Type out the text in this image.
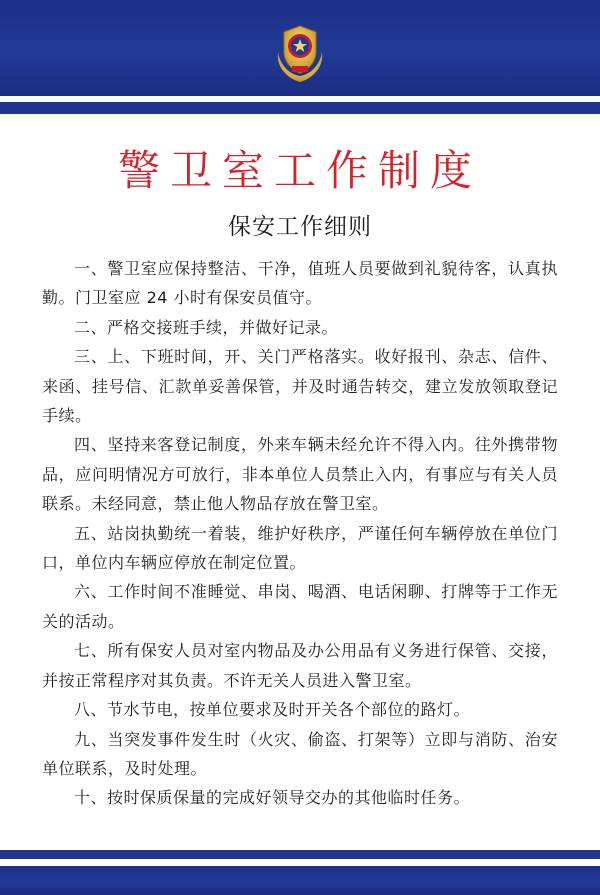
警卫室工作制度
保安工作细则

一、警卫室应保持整洁、干净，值班人员要做到礼貌待客，认真执勤。门卫室应 24 小时有保安员值守。

二、严格交接班手续，并做好记录。

三、上、下班时间，开、关门严格落实。收好报刊、杂志、信件、来函、挂号信、汇款单妥善保管，并及时通告转交，建立发放领取登记手续。

四、坚持来客登记制度，外来车辆未经允许不得入内。往外携带物品，应问明情况方可放行，非本单位人员禁止入内，有事应与有关人员联系。未经同意，禁止他人物品存放在警卫室。

五、站岗执勤统一着装，维护好秩序，严谨任何车辆停放在单位门口，单位内车辆应停放在制定位置。

六、工作时间不准睡觉、串岗、喝酒、电话闲聊、打牌等于工作无关的活动。

七、所有保安人员对室内物品及办公用品有义务进行保管、交接，并按正常程序对其负责。不许无关人员进入警卫室。

八、节水节电，按单位要求及时开关各个部位的路灯。

九、当突发事件发生时（火灾、偷盗、打架等）立即与消防、治安单位联系，及时处理。

十、按时保质保量的完成好领导交办的其他临时任务。
